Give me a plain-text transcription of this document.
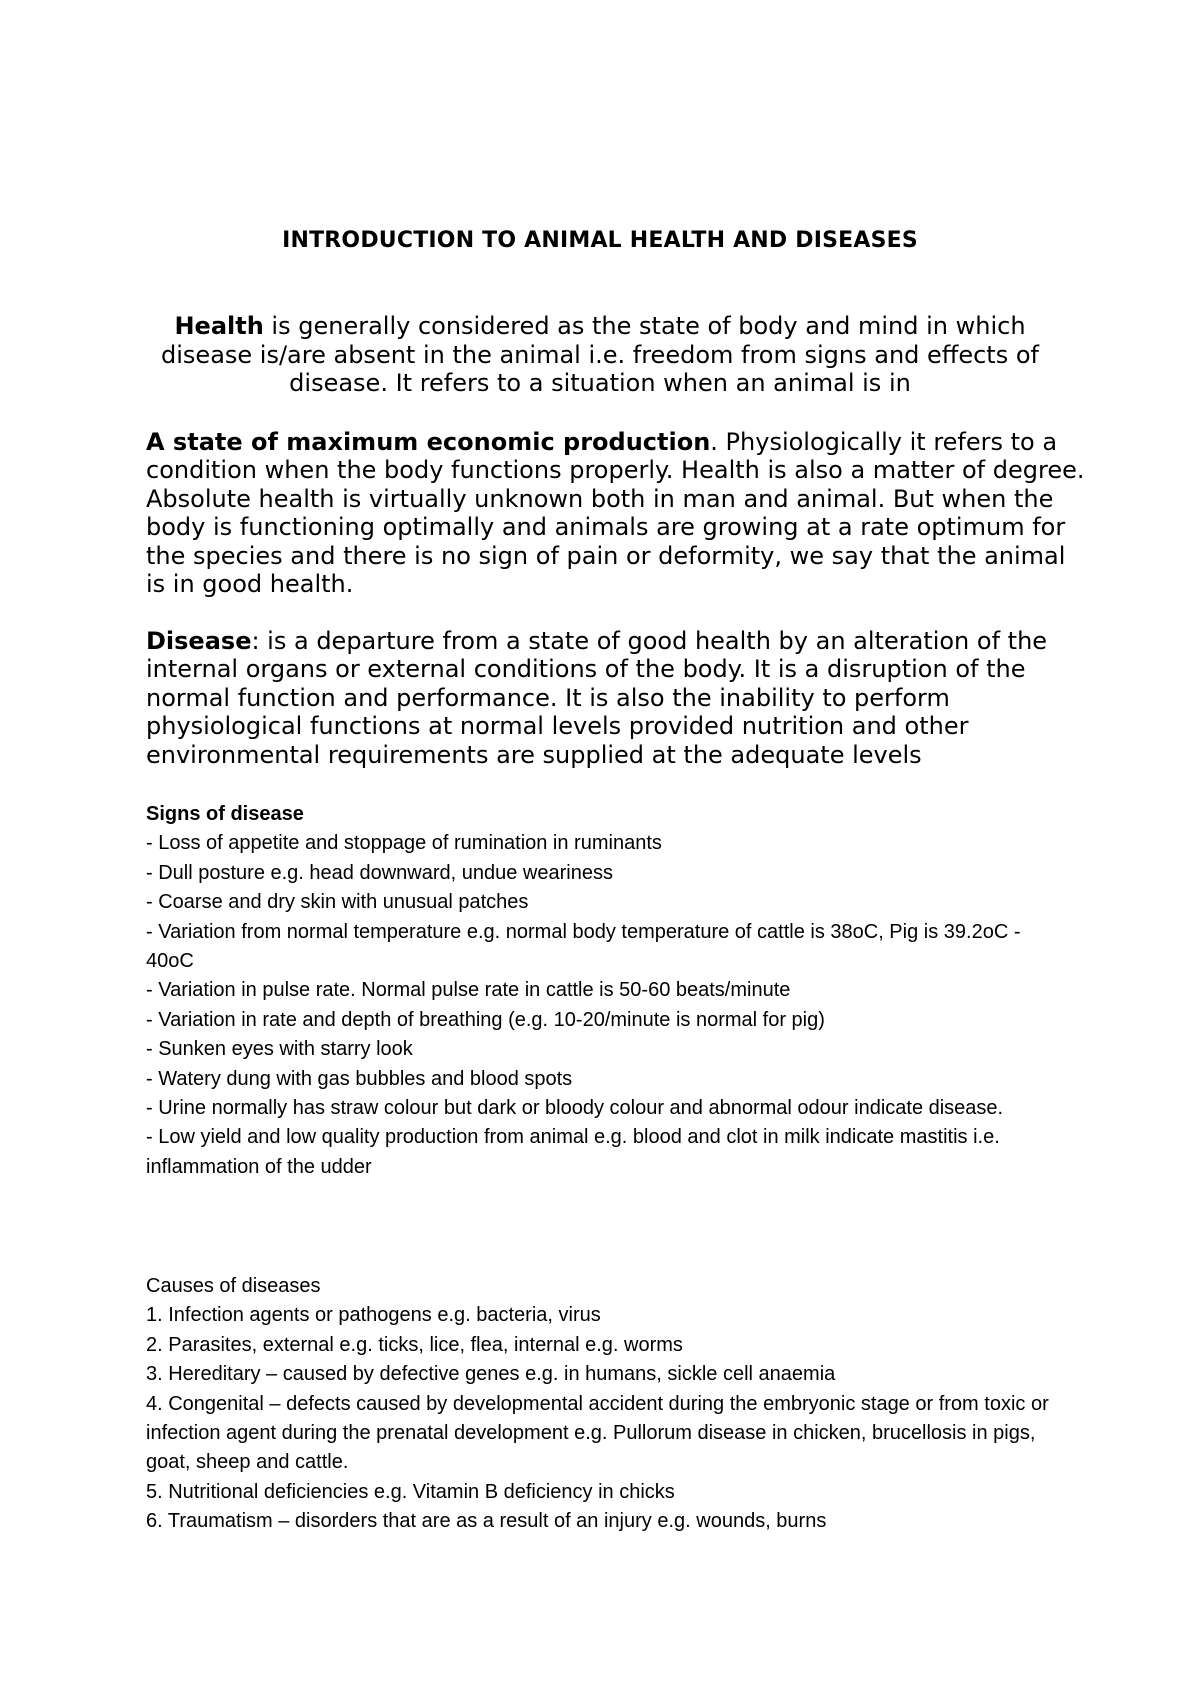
INTRODUCTION TO ANIMAL HEALTH AND DISEASES

Health is generally considered as the state of body and mind in which disease is/are absent in the animal i.e. freedom from signs and effects of disease. It refers to a situation when an animal is in

A state of maximum economic production. Physiologically it refers to a condition when the body functions properly. Health is also a matter of degree. Absolute health is virtually unknown both in man and animal. But when the body is functioning optimally and animals are growing at a rate optimum for the species and there is no sign of pain or deformity, we say that the animal is in good health.

Disease: is a departure from a state of good health by an alteration of the internal organs or external conditions of the body. It is a disruption of the normal function and performance. It is also the inability to perform physiological functions at normal levels provided nutrition and other environmental requirements are supplied at the adequate levels

Signs of disease
- Loss of appetite and stoppage of rumination in ruminants
- Dull posture e.g. head downward, undue weariness
- Coarse and dry skin with unusual patches
- Variation from normal temperature e.g. normal body temperature of cattle is 38oC, Pig is 39.2oC - 40oC
- Variation in pulse rate. Normal pulse rate in cattle is 50-60 beats/minute
- Variation in rate and depth of breathing (e.g. 10-20/minute is normal for pig)
- Sunken eyes with starry look
- Watery dung with gas bubbles and blood spots
- Urine normally has straw colour but dark or bloody colour and abnormal odour indicate disease.
- Low yield and low quality production from animal e.g. blood and clot in milk indicate mastitis i.e. inflammation of the udder
Causes of diseases
1. Infection agents or pathogens e.g. bacteria, virus
2. Parasites, external e.g. ticks, lice, flea, internal e.g. worms
3. Hereditary – caused by defective genes e.g. in humans, sickle cell anaemia
4. Congenital – defects caused by developmental accident during the embryonic stage or from toxic or infection agent during the prenatal development e.g. Pullorum disease in chicken, brucellosis in pigs, goat, sheep and cattle.
5. Nutritional deficiencies e.g. Vitamin B deficiency in chicks
6. Traumatism – disorders that are as a result of an injury e.g. wounds, burns
